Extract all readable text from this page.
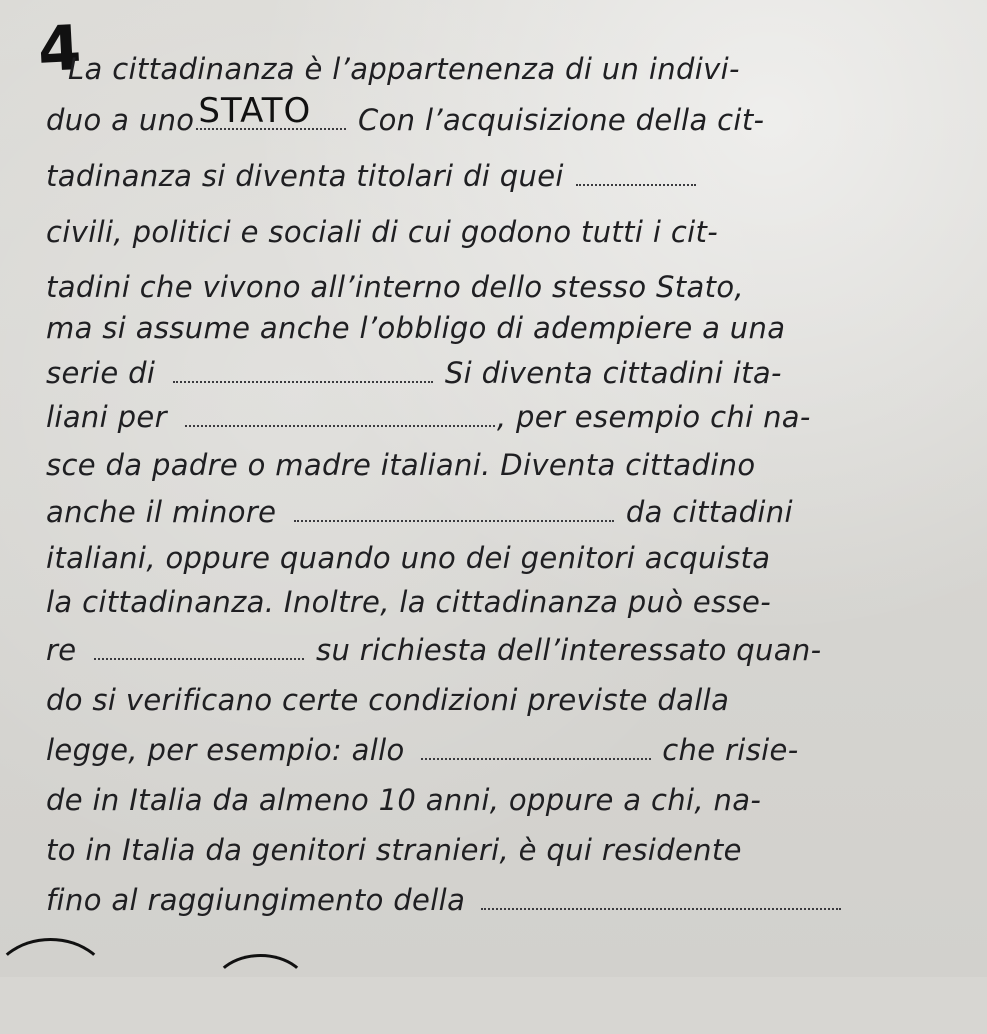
4
La cittadinanza è l’appartenenza di un indivi-
duo a uno STATO Con l’acquisizione della cit-
tadinanza si diventa titolari di quei
civili, politici e sociali di cui godono tutti i cit-
tadini che vivono all’interno dello stesso Stato,
ma si assume anche l’obbligo di adempiere a una
serie di	Si diventa cittadini ita-
liani per	, per esempio chi na-
sce da padre o madre italiani. Diventa cittadino
anche il minore	da cittadini
italiani, oppure quando uno dei genitori acquista
la cittadinanza. Inoltre, la cittadinanza può esse-
re	su richiesta dell’interessato quan-
do si verificano certe condizioni previste dalla
legge, per esempio: allo	che risie-
de in Italia da almeno 10 anni, oppure a chi, na-
to in Italia da genitori stranieri, è qui residente
fino al raggiungimento della
